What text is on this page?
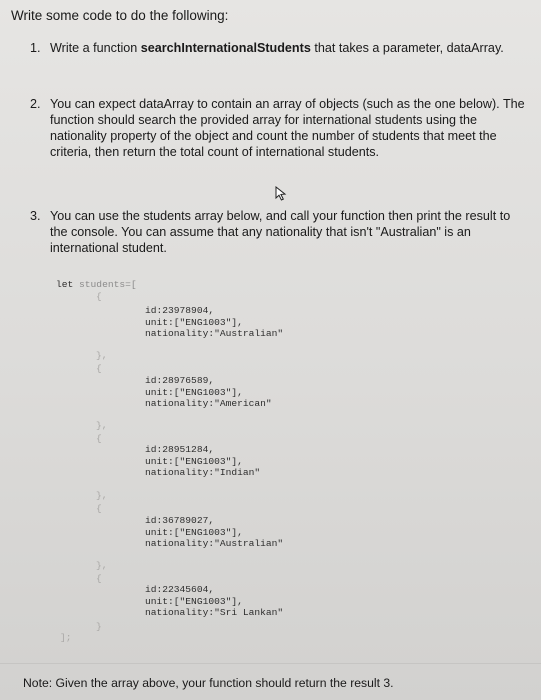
Write some code to do the following:
1. Write a function searchInternationalStudents that takes a parameter, dataArray.
2. You can expect dataArray to contain an array of objects (such as the one below). The function should search the provided array for international students using the nationality property of the object and count the number of students that meet the criteria, then return the total count of international students.
3. You can use the students array below, and call your function then print the result to the console. You can assume that any nationality that isn't "Australian" is an international student.
let students=[
{
id:23978904,
unit:["ENG1003"],
nationality:"Australian"
},
{
id:28976589,
unit:["ENG1003"],
nationality:"American"
},
{
id:28951284,
unit:["ENG1003"],
nationality:"Indian"
},
{
id:36789027,
unit:["ENG1003"],
nationality:"Australian"
},
{
id:22345604,
unit:["ENG1003"],
nationality:"Sri Lankan"
}
];
Note: Given the array above, your function should return the result 3.
